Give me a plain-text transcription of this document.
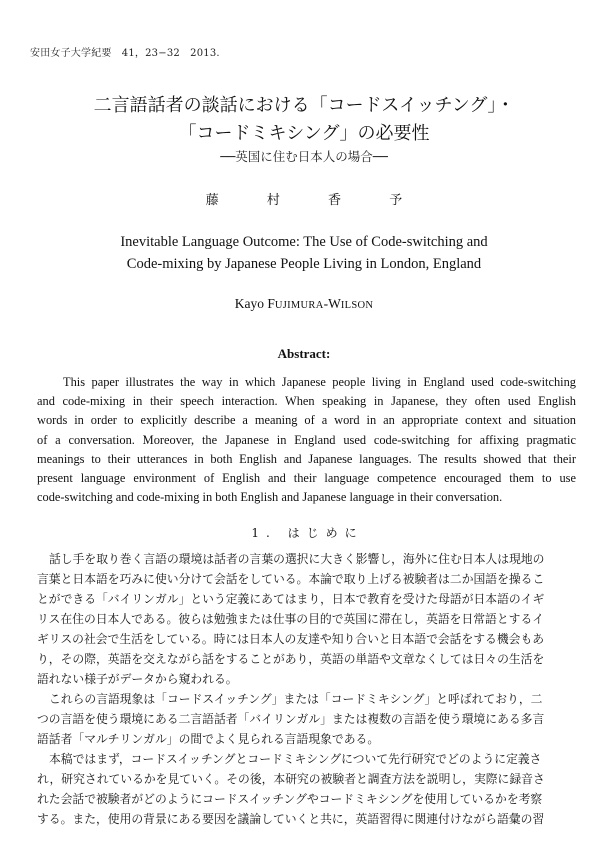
安田女子大学紀要　41，23−32　2013.
二言語話者の談話における「コードスイッチング」・
「コードミキシング」の必要性
──英国に住む日本人の場合──
藤 村 香 予
Inevitable Language Outcome: The Use of Code-switching and
Code-mixing by Japanese People Living in London, England
Kayo FUJIMURA-WILSON
Abstract:
This paper illustrates the way in which Japanese people living in England used code-switching
and code-mixing in their speech interaction. When speaking in Japanese, they often used English
words in order to explicitly describe a meaning of a word in an appropriate context and situation
of a conversation. Moreover, the Japanese in England used code-switching for affixing pragmatic
meanings to their utterances in both English and Japanese languages. The results showed that their
present language environment of English and their language competence encouraged them to use
code-switching and code-mixing in both English and Japanese language in their conversation.
1. はじめに
話し手を取り巻く言語の環境は話者の言葉の選択に大きく影響し，海外に住む日本人は現地の
言葉と日本語を巧みに使い分けて会話をしている。本論で取り上げる被験者は二か国語を操るこ
とができる「バイリンガル」という定義にあてはまり，日本で教育を受けた母語が日本語のイギ
リス在住の日本人である。彼らは勉強または仕事の目的で英国に滞在し，英語を日常語とするイ
ギリスの社会で生活をしている。時には日本人の友達や知り合いと日本語で会話をする機会もあ
り，その際，英語を交えながら話をすることがあり，英語の単語や文章なくしては日々の生活を
語れない様子がデータから窺われる。
これらの言語現象は「コードスイッチング」または「コードミキシング」と呼ばれており，二
つの言語を使う環境にある二言語話者「バイリンガル」または複数の言語を使う環境にある多言
語話者「マルチリンガル」の間でよく見られる言語現象である。
本稿ではまず，コードスイッチングとコードミキシングについて先行研究でどのように定義さ
れ，研究されているかを見ていく。その後，本研究の被験者と調査方法を説明し，実際に録音さ
れた会話で被験者がどのようにコードスイッチングやコードミキシングを使用しているかを考察
する。また，使用の背景にある要因を議論していくと共に，英語習得に関連付けながら語彙の習
